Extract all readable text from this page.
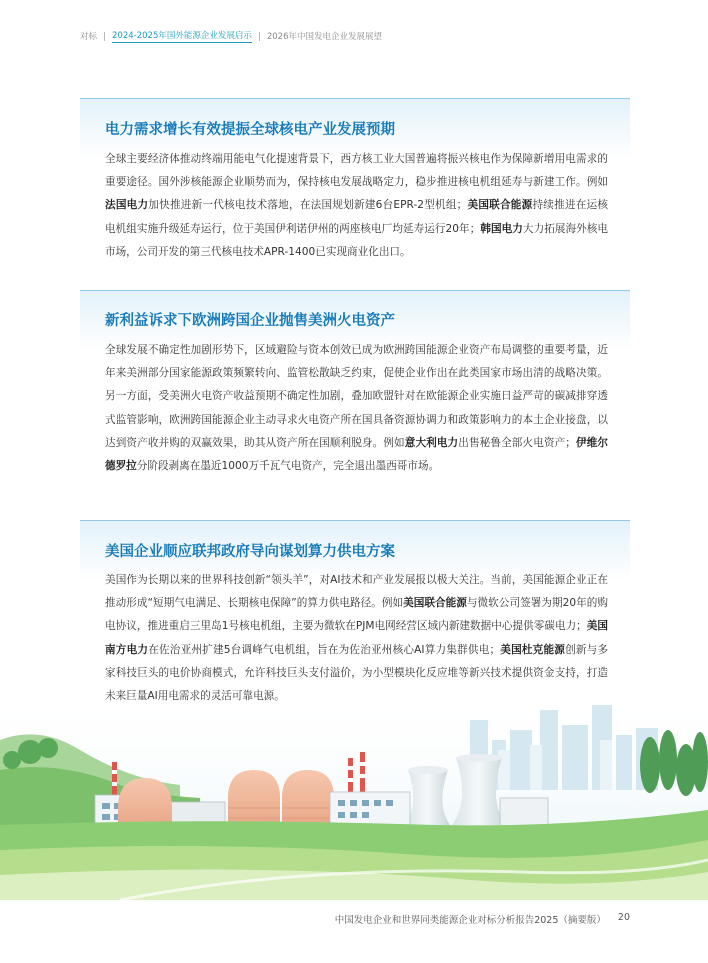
对标 2024-2025年国外能源企业发展启示 2026年中国发电企业发展展望
电力需求增长有效提振全球核电产业发展预期

全球主要经济体推动终端用能电气化提速背景下，西方核工业大国普遍将振兴核电作为保障新增用电需求的重要途径。国外涉核能源企业顺势而为，保持核电发展战略定力，稳步推进核电机组延寿与新建工作。例如法国电力加快推进新一代核电技术落地，在法国规划新建6台EPR-2型机组；美国联合能源持续推进在运核电机组实施升级延寿运行，位于美国伊利诺伊州的两座核电厂均延寿运行20年；韩国电力大力拓展海外核电市场，公司开发的第三代核电技术APR-1400已实现商业化出口。

新利益诉求下欧洲跨国企业抛售美洲火电资产

全球发展不确定性加剧形势下，区域避险与资本创效已成为欧洲跨国能源企业资产布局调整的重要考量，近年来美洲部分国家能源政策频繁转向、监管松散缺乏约束，促使企业作出在此类国家市场出清的战略决策。另一方面，受美洲火电资产收益预期不确定性加剧，叠加欧盟针对在欧能源企业实施日益严苛的碳减排穿透式监管影响，欧洲跨国能源企业主动寻求火电资产所在国具备资源协调力和政策影响力的本土企业接盘，以达到资产收并购的双赢效果，助其从资产所在国顺利脱身。例如意大利电力出售秘鲁全部火电资产；伊维尔德罗拉分阶段剥离在墨近1000万千瓦气电资产，完全退出墨西哥市场。

美国企业顺应联邦政府导向谋划算力供电方案

美国作为长期以来的世界科技创新“领头羊”，对AI技术和产业发展报以极大关注。当前，美国能源企业正在推动形成“短期气电满足、长期核电保障”的算力供电路径。例如美国联合能源与微软公司签署为期20年的购电协议，推进重启三里岛1号核电机组，主要为微软在PJM电网经营区域内新建数据中心提供零碳电力；美国南方电力在佐治亚州扩建5台调峰气电机组，旨在为佐治亚州核心AI算力集群供电；美国杜克能源创新与多家科技巨头的电价协商模式，允许科技巨头支付溢价，为小型模块化反应堆等新兴技术提供资金支持，打造

中国发电企业和世界同类能源企业对标分析报告2025（摘要版） 20
